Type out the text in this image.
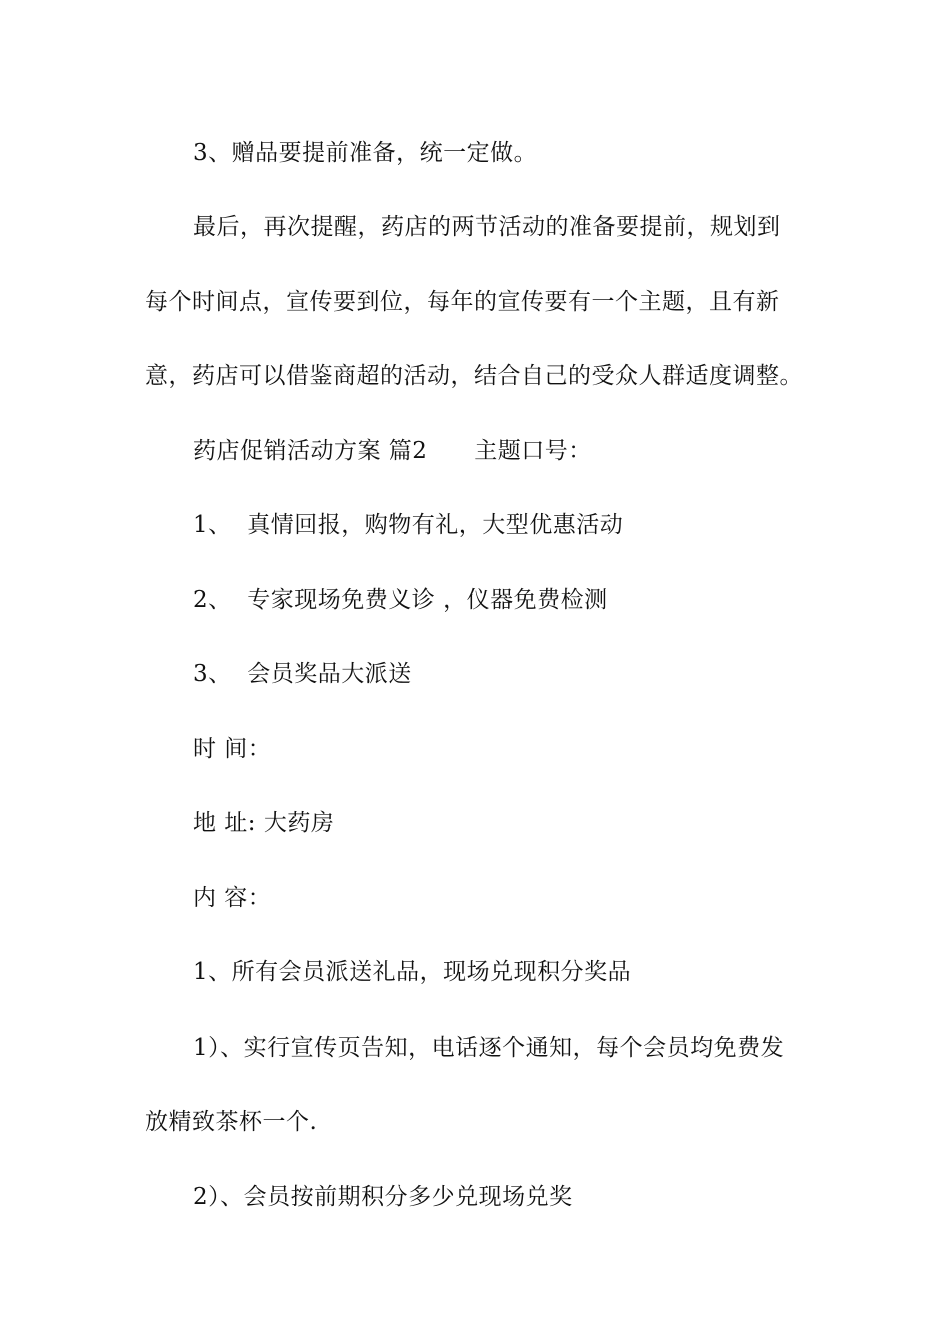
3、赠品要提前准备，统一定做。
最后，再次提醒，药店的两节活动的准备要提前，规划到
每个时间点，宣传要到位，每年的宣传要有一个主题，且有新
意，药店可以借鉴商超的活动，结合自己的受众人群适度调整。
药店促销活动方案 篇2      主题口号：
1、  真情回报，购物有礼，大型优惠活动
2、  专家现场免费义诊 ，仪器免费检测
3、  会员奖品大派送
时 间：
地 址: 大药房
内 容：
1、所有会员派送礼品，现场兑现积分奖品
1）、实行宣传页告知，电话逐个通知，每个会员均免费发
放精致茶杯一个.
2）、会员按前期积分多少兑现场兑奖
